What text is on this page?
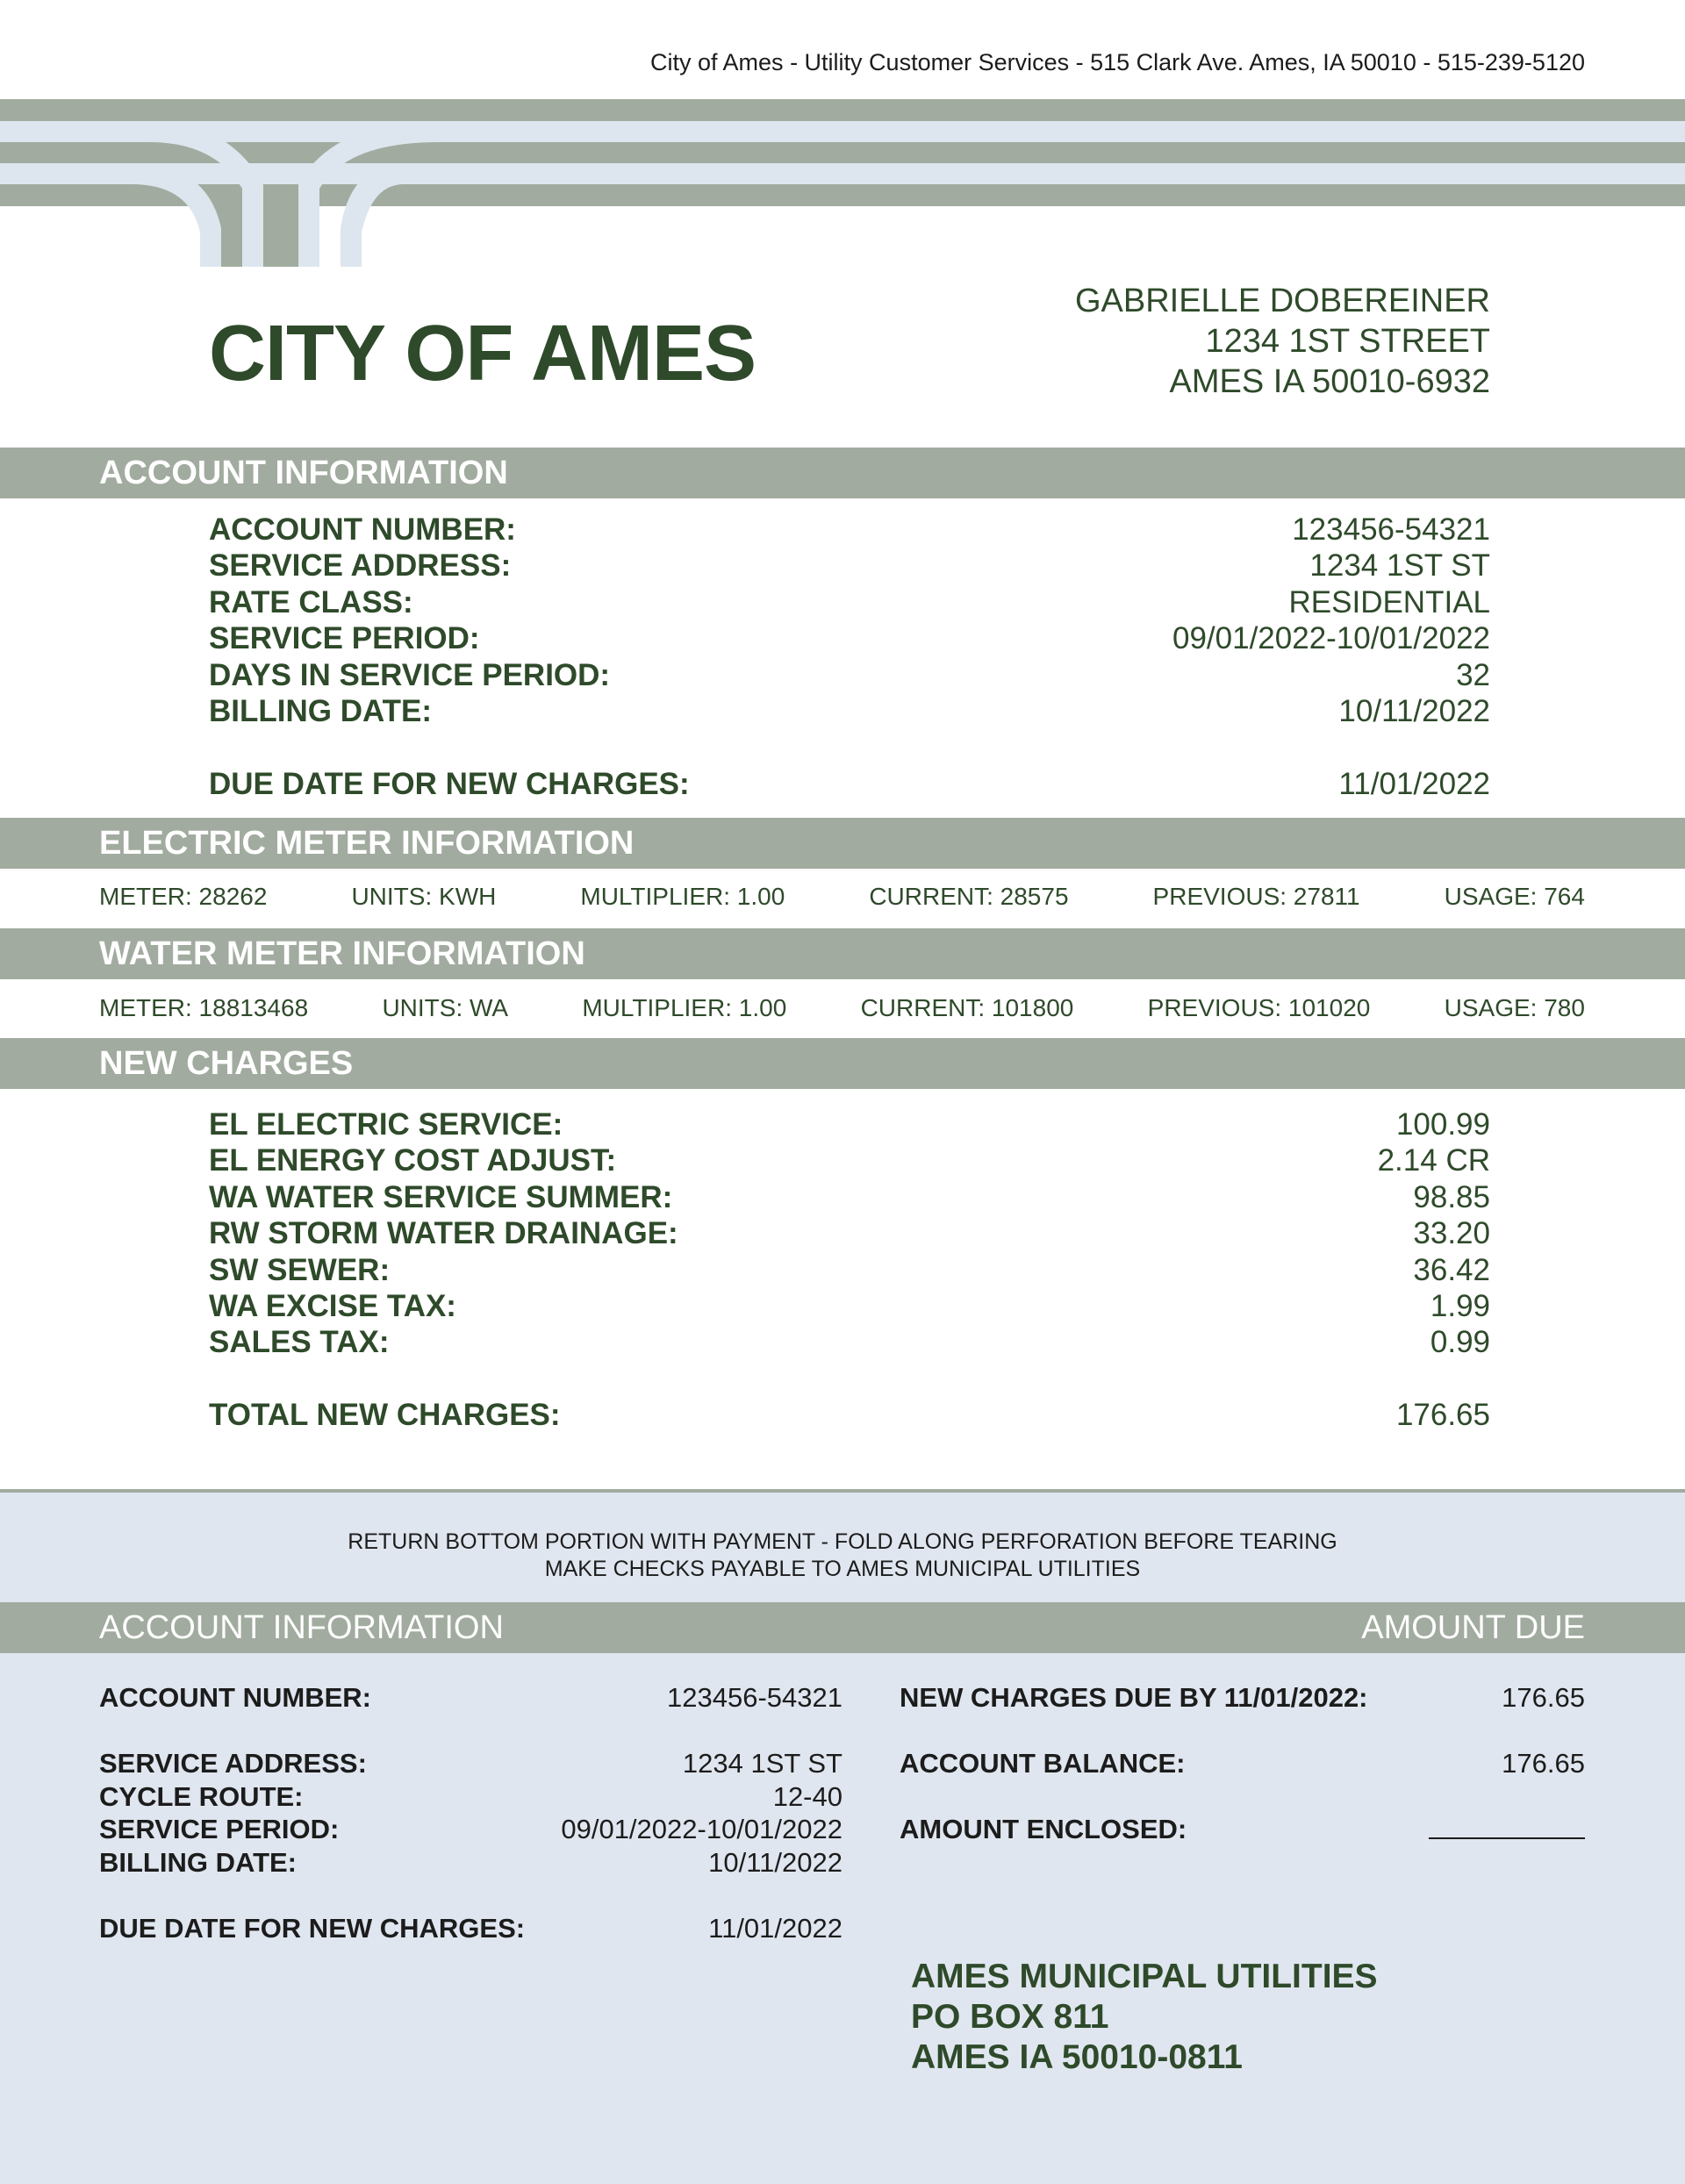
City of Ames - Utility Customer Services - 515 Clark Ave. Ames, IA 50010 - 515-239-5120
CITY OF AMES
GABRIELLE DOBEREINER
1234 1ST STREET
AMES IA 50010-6932
ACCOUNT INFORMATION
ACCOUNT NUMBER:	123456-54321
SERVICE ADDRESS:	1234 1ST ST
RATE CLASS:	RESIDENTIAL
SERVICE PERIOD:	09/01/2022-10/01/2022
DAYS IN SERVICE PERIOD:	32
BILLING DATE:	10/11/2022
DUE DATE FOR NEW CHARGES:	11/01/2022
ELECTRIC METER INFORMATION
METER: 28262	UNITS: KWH	MULTIPLIER: 1.00	CURRENT: 28575	PREVIOUS: 27811	USAGE: 764
WATER METER INFORMATION
METER: 18813468	UNITS: WA	MULTIPLIER: 1.00	CURRENT: 101800	PREVIOUS: 101020	USAGE: 780
NEW CHARGES
EL ELECTRIC SERVICE:	100.99
EL ENERGY COST ADJUST:	2.14 CR
WA WATER SERVICE SUMMER:	98.85
RW STORM WATER DRAINAGE:	33.20
SW SEWER:	36.42
WA EXCISE TAX:	1.99
SALES TAX:	0.99
TOTAL NEW CHARGES:	176.65
RETURN BOTTOM PORTION WITH PAYMENT - FOLD ALONG PERFORATION BEFORE TEARING
MAKE CHECKS PAYABLE TO AMES MUNICIPAL UTILITIES
ACCOUNT INFORMATION	AMOUNT DUE
ACCOUNT NUMBER:	123456-54321
SERVICE ADDRESS:	1234 1ST ST
CYCLE ROUTE:	12-40
SERVICE PERIOD:	09/01/2022-10/01/2022
BILLING DATE:	10/11/2022
DUE DATE FOR NEW CHARGES:	11/01/2022
NEW CHARGES DUE BY 11/01/2022:	176.65
ACCOUNT BALANCE:	176.65
AMOUNT ENCLOSED:
AMES MUNICIPAL UTILITIES
PO BOX 811
AMES IA 50010-0811
